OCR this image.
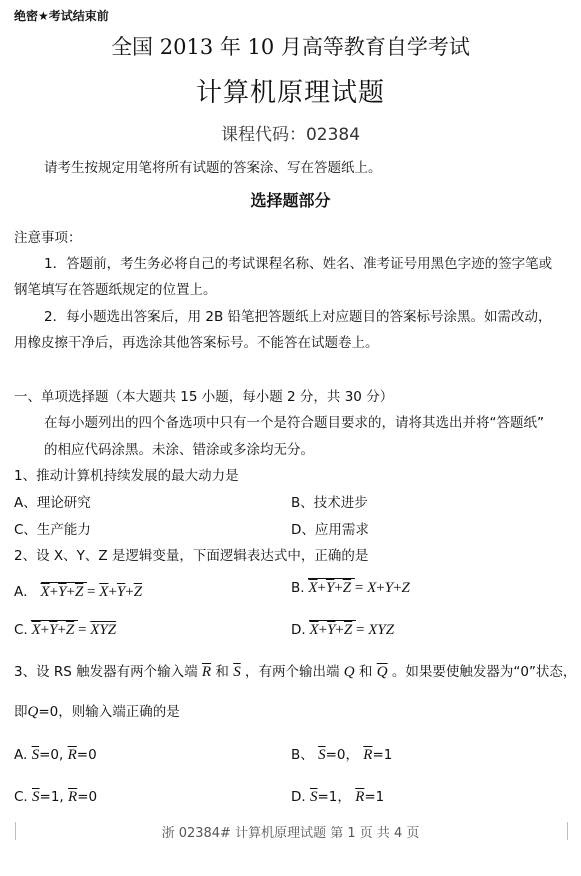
绝密★考试结束前
全国 2013 年 10 月高等教育自学考试
计算机原理试题
课程代码：02384
请考生按规定用笔将所有试题的答案涂、写在答题纸上。
选择题部分
注意事项：
1．答题前，考生务必将自己的考试课程名称、姓名、准考证号用黑色字迹的签字笔或
钢笔填写在答题纸规定的位置上。
2．每小题选出答案后，用 2B 铅笔把答题纸上对应题目的答案标号涂黑。如需改动，
用橡皮擦干净后，再选涂其他答案标号。不能答在试题卷上。
一、单项选择题（本大题共 15 小题，每小题 2 分，共 30 分）
在每小题列出的四个备选项中只有一个是符合题目要求的，请将其选出并将“答题纸”
的相应代码涂黑。未涂、错涂或多涂均无分。
1、推动计算机持续发展的最大动力是
A、理论研究	B、技术进步
C、生产能力	D、应用需求
2、设 X、Y、Z 是逻辑变量，下面逻辑表达式中，正确的是
A． $\overline{X}+\overline{Y}+\overline{Z} = \overline{X}+\overline{Y}+\overline{Z}$	B. $\overline{X}+\overline{Y}+\overline{Z} = X+Y+Z$
C. $\overline{X}+\overline{Y}+\overline{Z} = \overline{X}\overline{Y}\overline{Z}$	D. $\overline{X}+\overline{Y}+\overline{Z}$ = XYZ
3、设 RS 触发器有两个输入端 $\overline{R}$ 和 $\overline{S}$ ，有两个输出端 Q 和 $\overline{Q}$ 。如果要使触发器为“0”状态，
即Q=0，则输入端正确的是
A. $\overline{S}=0$, $\overline{R}=0$	B、 $\overline{S}=0$， $\overline{R}=1$
C. $\overline{S}=1$, $\overline{R}=0$	D. $\overline{S}=1$， $\overline{R}=1$
浙 02384# 计算机原理试题 第 1 页 共 4 页
